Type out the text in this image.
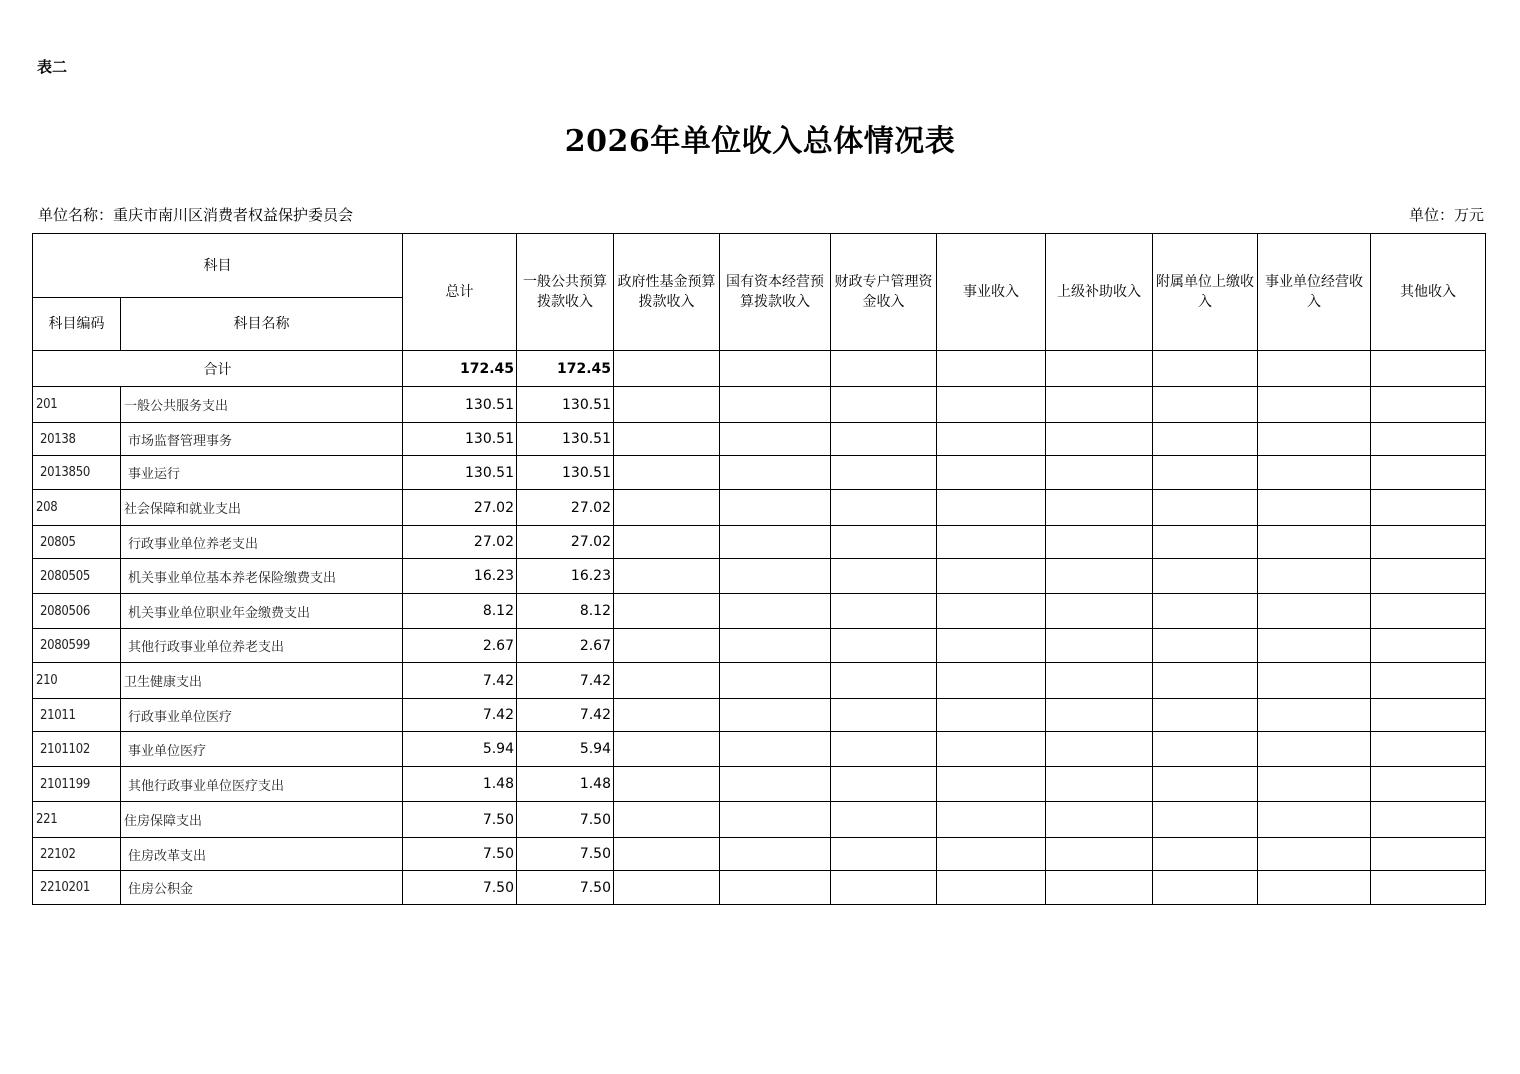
表二
2026年单位收入总体情况表
单位名称：重庆市南川区消费者权益保护委员会	单位：万元
科目		总计	一般公共预算拨款收入	政府性基金预算拨款收入	国有资本经营预算拨款收入	财政专户管理资金收入	事业收入	上级补助收入	附属单位上缴收入	事业单位经营收入	其他收入
科目编码	科目名称										
合计		172.45	172.45								
201	一般公共服务支出	130.51	130.51								
20138	市场监督管理事务	130.51	130.51								
2013850	事业运行	130.51	130.51								
208	社会保障和就业支出	27.02	27.02								
20805	行政事业单位养老支出	27.02	27.02								
2080505	机关事业单位基本养老保险缴费支出	16.23	16.23								
2080506	机关事业单位职业年金缴费支出	8.12	8.12								
2080599	其他行政事业单位养老支出	2.67	2.67								
210	卫生健康支出	7.42	7.42								
21011	行政事业单位医疗	7.42	7.42								
2101102	事业单位医疗	5.94	5.94								
2101199	其他行政事业单位医疗支出	1.48	1.48								
221	住房保障支出	7.50	7.50								
22102	住房改革支出	7.50	7.50								
2210201	住房公积金	7.50	7.50								
